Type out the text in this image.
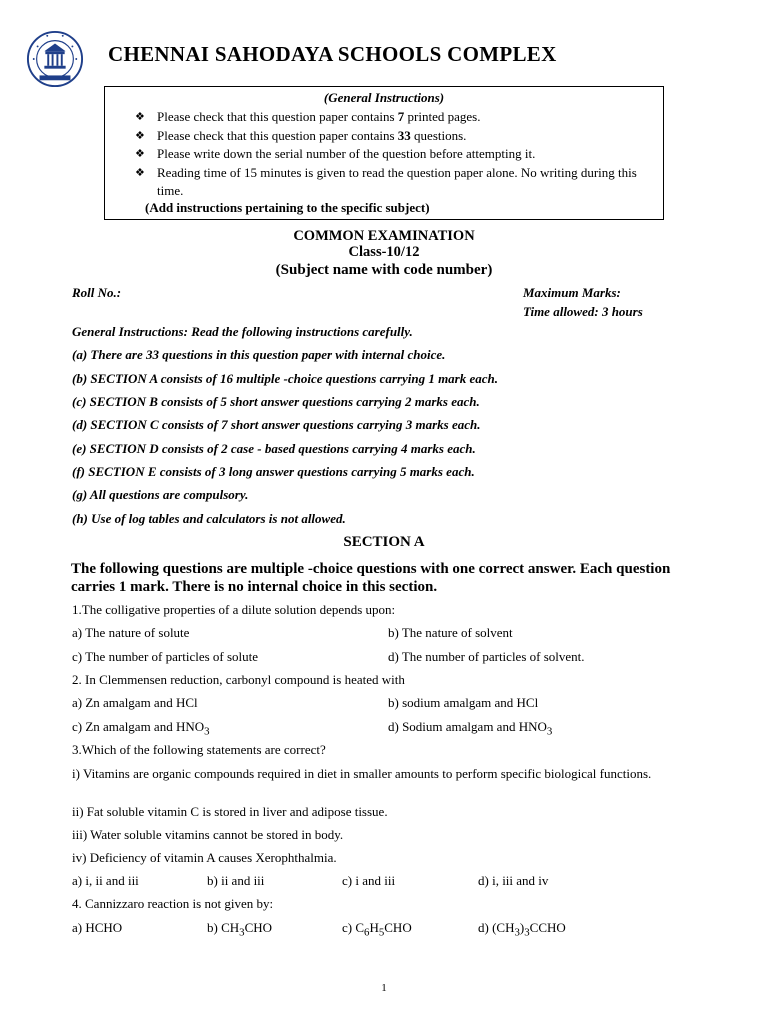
CHENNAI SAHODAYA SCHOOLS COMPLEX
(General Instructions)
❖ Please check that this question paper contains 7 printed pages.
❖ Please check that this question paper contains 33 questions.
❖ Please write down the serial number of the question before attempting it.
❖ Reading time of 15 minutes is given to read the question paper alone. No writing during this time.
(Add instructions pertaining to the specific subject)
COMMON EXAMINATION
Class-10/12
(Subject name with code number)
Roll No.:	Maximum Marks:
Time allowed: 3 hours
General Instructions: Read the following instructions carefully.
(a) There are 33 questions in this question paper with internal choice.
(b) SECTION A consists of 16 multiple -choice questions carrying 1 mark each.
(c) SECTION B consists of 5 short answer questions carrying 2 marks each.
(d) SECTION C consists of 7 short answer questions carrying 3 marks each.
(e) SECTION D consists of 2 case - based questions carrying 4 marks each.
(f) SECTION E consists of 3 long answer questions carrying 5 marks each.
(g) All questions are compulsory.
(h) Use of log tables and calculators is not allowed.
SECTION A
The following questions are multiple -choice questions with one correct answer. Each question carries 1 mark. There is no internal choice in this section.
1.The colligative properties of a dilute solution depends upon:
a) The nature of solute	b) The nature of solvent
c) The number of particles of solute	d) The number of particles of solvent.
2. In Clemmensen reduction, carbonyl compound is heated with
a) Zn amalgam and HCl	b) sodium amalgam and HCl
c) Zn amalgam and $HNO_3$	d) Sodium amalgam and $HNO_3$
3.Which of the following statements are correct?
i) Vitamins are organic compounds required in diet in smaller amounts to perform specific biological functions.
ii) Fat soluble vitamin C is stored in liver and adipose tissue.
iii) Water soluble vitamins cannot be stored in body.
iv) Deficiency of vitamin A causes Xerophthalmia.
a) i, ii and iii	b) ii and iii	c) i and iii	d) i, iii and iv
4. Cannizzaro reaction is not given by:
a) HCHO	b) $CH_3CHO$	c) $C_6H_5CHO$	d) $(CH_3)_3CCHO$
1
